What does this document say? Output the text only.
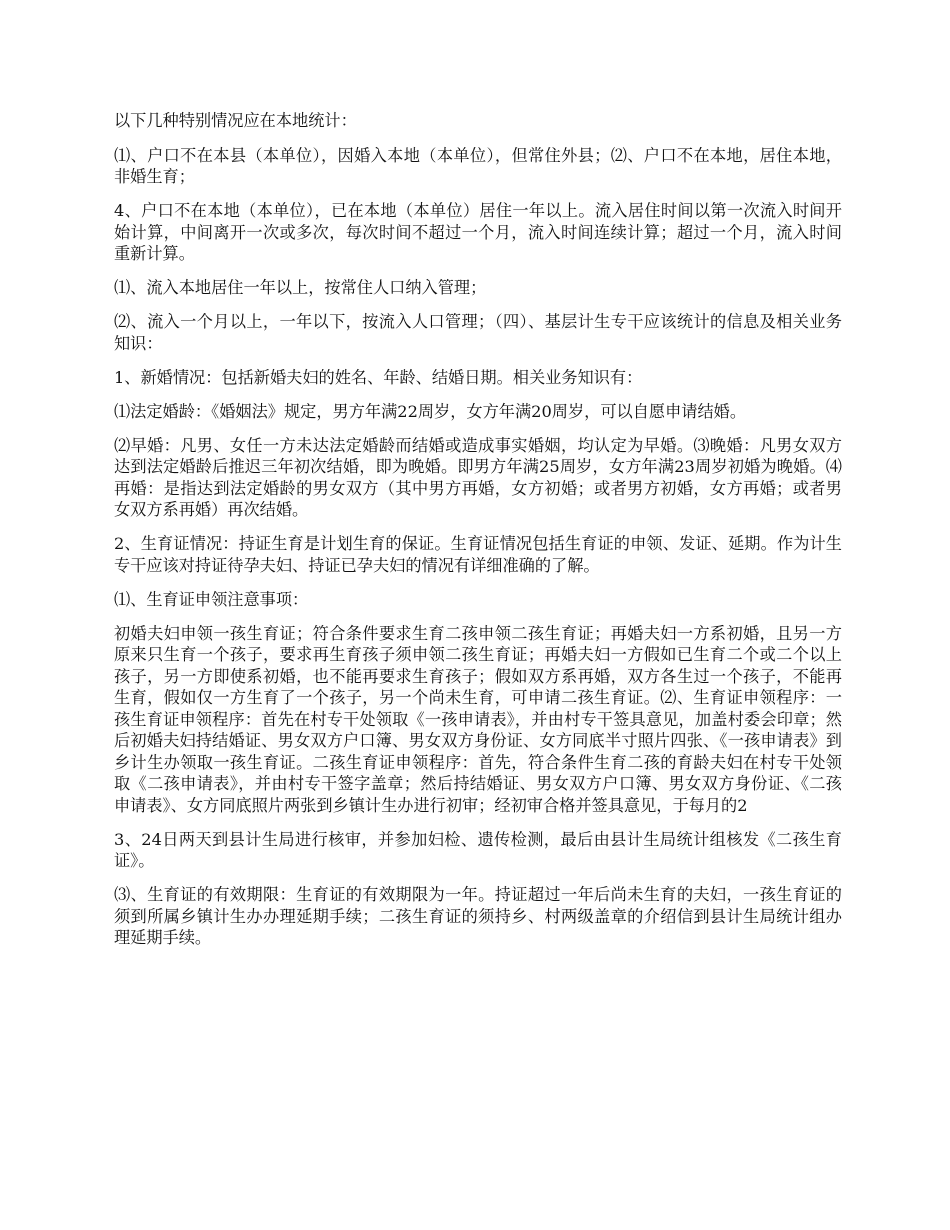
以下几种特别情况应在本地统计：

⑴、户口不在本县（本单位），因婚入本地（本单位），但常住外县；⑵、户口不在本地，居住本地，非婚生育；

4、户口不在本地（本单位），已在本地（本单位）居住一年以上。流入居住时间以第一次流入时间开始计算，中间离开一次或多次，每次时间不超过一个月，流入时间连续计算；超过一个月，流入时间重新计算。

⑴、流入本地居住一年以上，按常住人口纳入管理；

⑵、流入一个月以上，一年以下，按流入人口管理；（四）、基层计生专干应该统计的信息及相关业务知识：

1、新婚情况：包括新婚夫妇的姓名、年龄、结婚日期。相关业务知识有：

⑴法定婚龄：《婚姻法》规定，男方年满22周岁，女方年满20周岁，可以自愿申请结婚。

⑵早婚：凡男、女任一方未达法定婚龄而结婚或造成事实婚姻，均认定为早婚。⑶晚婚：凡男女双方达到法定婚龄后推迟三年初次结婚，即为晚婚。即男方年满25周岁，女方年满23周岁初婚为晚婚。⑷再婚：是指达到法定婚龄的男女双方（其中男方再婚，女方初婚；或者男方初婚，女方再婚；或者男女双方系再婚）再次结婚。

2、生育证情况：持证生育是计划生育的保证。生育证情况包括生育证的申领、发证、延期。作为计生专干应该对持证待孕夫妇、持证已孕夫妇的情况有详细准确的了解。

⑴、生育证申领注意事项：

初婚夫妇申领一孩生育证；符合条件要求生育二孩申领二孩生育证；再婚夫妇一方系初婚，且另一方原来只生育一个孩子，要求再生育孩子须申领二孩生育证；再婚夫妇一方假如已生育二个或二个以上孩子，另一方即使系初婚，也不能再要求生育孩子；假如双方系再婚，双方各生过一个孩子，不能再生育，假如仅一方生育了一个孩子，另一个尚未生育，可申请二孩生育证。⑵、生育证申领程序：一孩生育证申领程序：首先在村专干处领取《一孩申请表》，并由村专干签具意见，加盖村委会印章；然后初婚夫妇持结婚证、男女双方户口簿、男女双方身份证、女方同底半寸照片四张、《一孩申请表》到乡计生办领取一孩生育证。二孩生育证申领程序：首先，符合条件生育二孩的育龄夫妇在村专干处领取《二孩申请表》，并由村专干签字盖章；然后持结婚证、男女双方户口簿、男女双方身份证、《二孩申请表》、女方同底照片两张到乡镇计生办进行初审；经初审合格并签具意见，于每月的2

3、24日两天到县计生局进行核审，并参加妇检、遗传检测，最后由县计生局统计组核发《二孩生育证》。

⑶、生育证的有效期限：生育证的有效期限为一年。持证超过一年后尚未生育的夫妇，一孩生育证的须到所属乡镇计生办办理延期手续；二孩生育证的须持乡、村两级盖章的介绍信到县计生局统计组办理延期手续。
